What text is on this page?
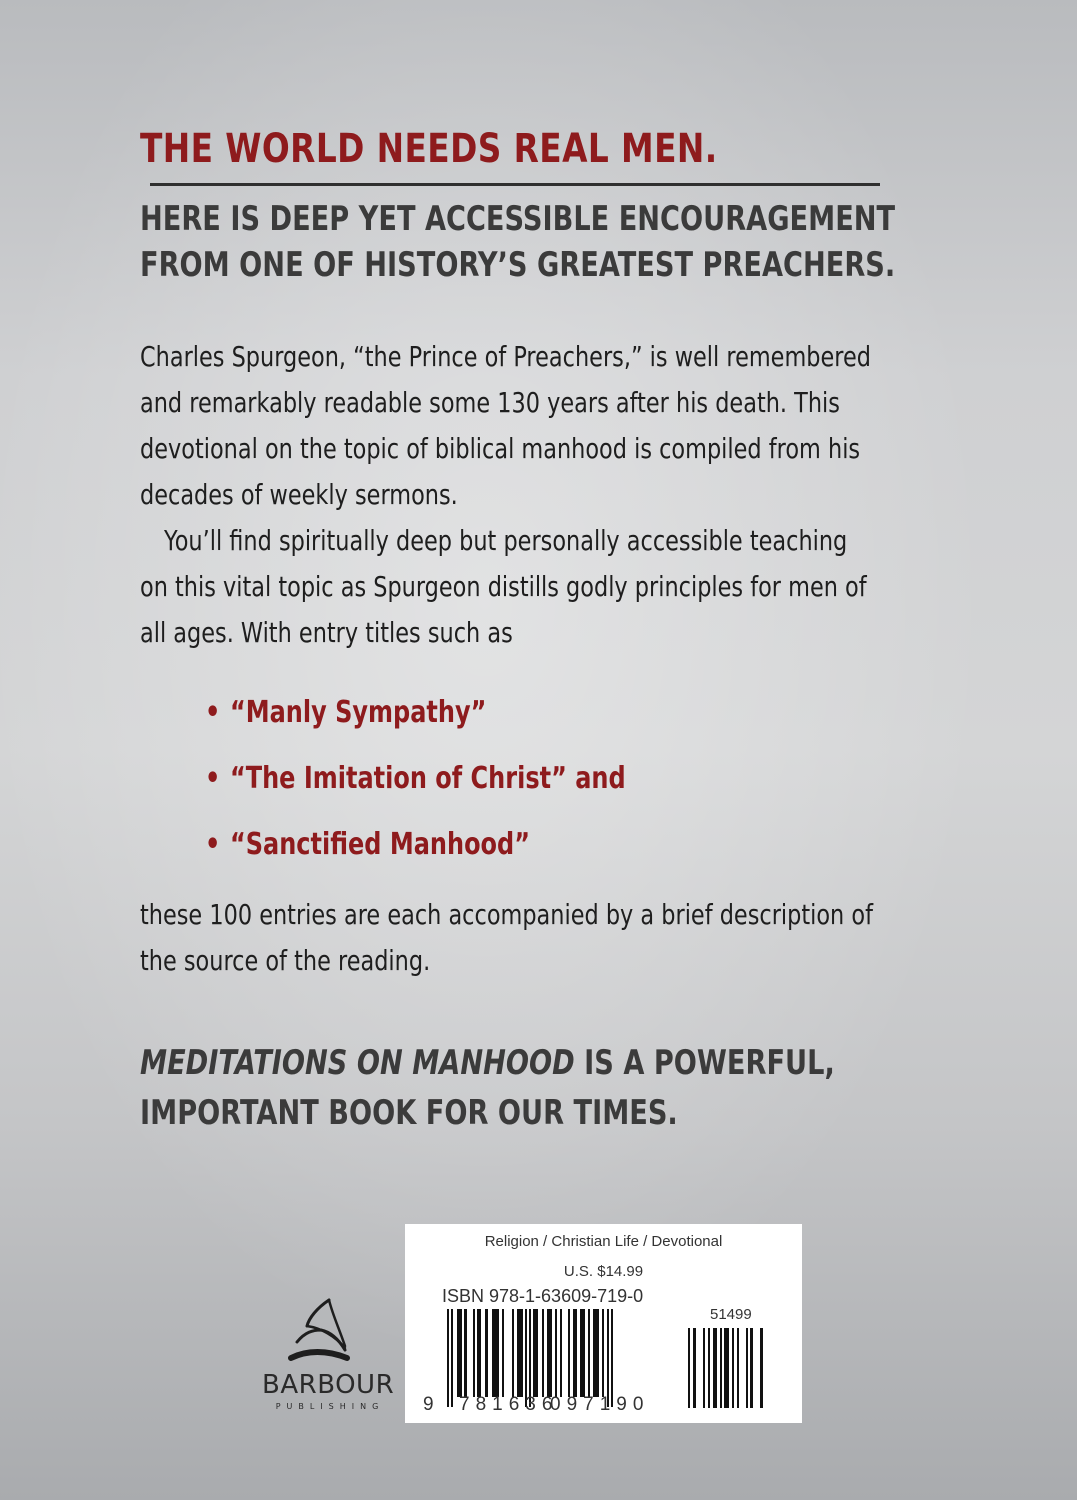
THE WORLD NEEDS REAL MEN.
HERE IS DEEP YET ACCESSIBLE ENCOURAGEMENT
FROM ONE OF HISTORY’S GREATEST PREACHERS.
Charles Spurgeon, “the Prince of Preachers,” is well remembered
and remarkably readable some 130 years after his death. This
devotional on the topic of biblical manhood is compiled from his
decades of weekly sermons.
You’ll find spiritually deep but personally accessible teaching
on this vital topic as Spurgeon distills godly principles for men of
all ages. With entry titles such as
• “Manly Sympathy”
• “The Imitation of Christ” and
• “Sanctified Manhood”
these 100 entries are each accompanied by a brief description of
the source of the reading.
MEDITATIONS ON MANHOOD IS A POWERFUL,
IMPORTANT BOOK FOR OUR TIMES.
BARBOUR
PUBLISHING
Religion / Christian Life / Devotional
U.S. $14.99
ISBN 978-1-63609-719-0
51499
9 781636
097190
